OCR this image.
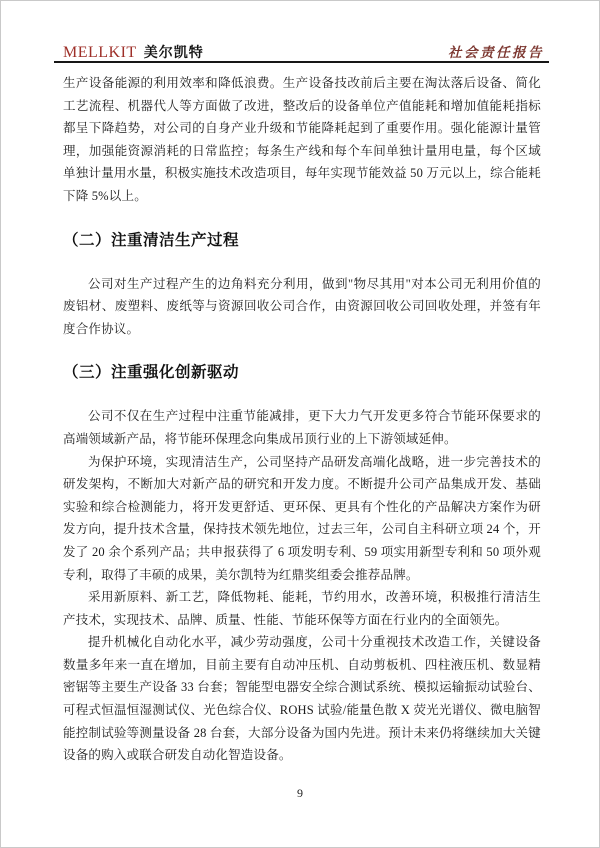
MELLKIT 美尔凯特	社会责任报告

生产设备能源的利用效率和降低浪费。生产设备技改前后主要在淘汰落后设备、简化工艺流程、机器代人等方面做了改进，整改后的设备单位产值能耗和增加值能耗指标都呈下降趋势，对公司的自身产业升级和节能降耗起到了重要作用。强化能源计量管理，加强能资源消耗的日常监控；每条生产线和每个车间单独计量用电量，每个区域单独计量用水量，积极实施技术改造项目，每年实现节能效益 50 万元以上，综合能耗下降 5%以上。

（二）注重清洁生产过程

公司对生产过程产生的边角料充分利用，做到"物尽其用"对本公司无利用价值的废铝材、废塑料、废纸等与资源回收公司合作，由资源回收公司回收处理，并签有年度合作协议。

（三）注重强化创新驱动

公司不仅在生产过程中注重节能减排，更下大力气开发更多符合节能环保要求的高端领域新产品，将节能环保理念向集成吊顶行业的上下游领域延伸。

为保护环境，实现清洁生产，公司坚持产品研发高端化战略，进一步完善技术的研发架构，不断加大对新产品的研究和开发力度。不断提升公司产品集成开发、基础实验和综合检测能力，将开发更舒适、更环保、更具有个性化的产品解决方案作为研发方向，提升技术含量，保持技术领先地位，过去三年，公司自主科研立项 24 个，开发了 20 余个系列产品；共申报获得了 6 项发明专利、59 项实用新型专利和 50 项外观专利，取得了丰硕的成果，美尔凯特为红鼎奖组委会推荐品牌。

采用新原料、新工艺，降低物耗、能耗，节约用水，改善环境，积极推行清洁生产技术，实现技术、品牌、质量、性能、节能环保等方面在行业内的全面领先。

提升机械化自动化水平，减少劳动强度，公司十分重视技术改造工作，关键设备数量多年来一直在增加，目前主要有自动冲压机、自动剪板机、四柱液压机、数显精密锯等主要生产设备 33 台套；智能型电器安全综合测试系统、模拟运输振动试验台、可程式恒温恒湿测试仪、光色综合仪、ROHS 试验/能量色散 X 荧光光谱仪、微电脑智能控制试验等测量设备 28 台套，大部分设备为国内先进。预计未来仍将继续加大关键设备的购入或联合研发自动化智造设备。

9
